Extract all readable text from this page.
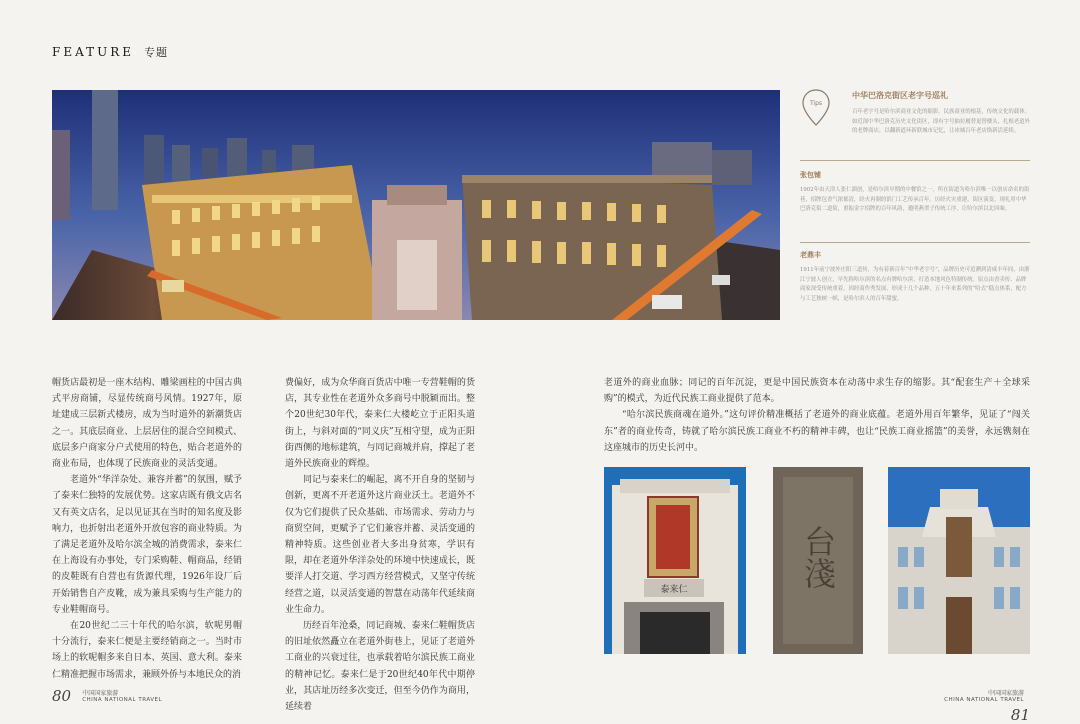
FEATURE 专题
Tips
中华巴洛克街区老字号巡礼
百年老字号是哈尔滨商业文化的缩影。民族商业的根基，传统文化的载体。如近深中华巴洛克历史文化街区，即有字号抽拉履替更替楼头，扎根老道外的老牌商店，以翻新道环新联城市记忆，让冰城百年老店焕新活延续。
张包铺
1902年由天津人张仁溜创，是哈尔滨早期的中餐馆之一，所在街道为哈尔滨唯一以创店命名的街巷，招牌包香气浓郁清，经火再制的馅门工艺传承百年。历经火灾重建、街区演变，现礼用中华巴洛克街二道街，重振金字招牌的百年风韵，邀明燕翠子传统工序，让哈尔滨以北回味。
老鼎丰
1911年前宁波外庄阳三道传，为有着新百年“中华老字号”，品牌历史可追溯到清咸丰年间，由浙江宁波人创立，早先称哈尔滨的名点有牌哈尔滨，打造本地风色特制传统。原点由香卖传、品牌商家深受传统重着，因经商作秀发展、形成十几个品种，五十年来系列的“哈式”糕点体系，配方与工艺独树一帜，是哈尔滨人的百年甜蜜。

帽货店最初是一座木结构、雕梁画柱的中国古典式平房商铺，尽显传统商号风情。1927年，原址建成三层新式楼房，成为当时道外的新潮货店之一。其底层商业、上层居住的混合空间模式、底层多户商家分户式使用的特色，贴合老道外的商业布局，也体现了民族商业的灵活变通。

老道外“华洋杂处、兼容并蓄”的氛围，赋予了泰来仁独特的发展优势。这家店既有俄文店名又有英文店名，足以见证其在当时的知名度及影响力，也折射出老道外开放包容的商业特质。为了满足老道外及哈尔滨全城的消费需求，泰来仁在上海设有办事处，专门采购鞋、帽商品，经销的皮鞋既有自营也有货源代理，1926年设厂后开始销售自产皮靴，成为兼具采购与生产能力的专业鞋帽商号。

在20世纪二三十年代的哈尔滨，软呢男帽十分流行，泰来仁便是主要经销商之一。当时市场上的软呢帽多来自日本、英国、意大利。泰来仁精准把握市场需求，兼顾外侨与本地民众的消

费偏好，成为众华商百货店中唯一专营鞋帽的货店，其专业性在老道外众多商号中脱颖而出。整个20世纪30年代，泰来仁大楼屹立于正阳头道街上，与斜对面的“同义庆”互相守望，成为正阳街西侧的地标建筑，与同记商城并肩，撑起了老道外民族商业的辉煌。

同记与泰来仁的崛起，离不开自身的坚韧与创新，更离不开老道外这片商业沃土。老道外不仅为它们提供了民众基础、市场需求、劳动力与商贸空间，更赋予了它们兼容并蓄、灵活变通的精神特质。这些创业者大多出身贫寒，学识有限，却在老道外华洋杂处的环境中快速成长，既要洋人打交道、学习西方经营模式，又坚守传统经营之道，以灵活变通的智慧在动荡年代延续商业生命力。

历经百年沧桑，同记商城、泰来仁鞋帽货店的旧址依然矗立在老道外街巷上，见证了老道外工商业的兴衰过往，也承载着哈尔滨民族工商业的精神记忆。泰来仁是于20世纪40年代中期停业，其店址历经多次变迁，但至今仍作为商用，延续着

老道外的商业血脉；同记的百年沉淀，更是中国民族资本在动荡中求生存的缩影。其“配套生产＋全球采购”的模式，为近代民族工商业提供了范本。

“哈尔滨民族商魂在道外。”这句评价精准概括了老道外的商业底蕴。老道外用百年繁华，见证了“闯关东”者的商业传奇，铸就了哈尔滨民族工商业不朽的精神丰碑，也让“民族工商业摇篮”的美誉，永远镌刻在这座城市的历史长河中。

泰来仁
台淺
80 中国国家旅游
CHINA NATIONAL TRAVEL
中国国家旅游
CHINA NATIONAL TRAVEL
81
